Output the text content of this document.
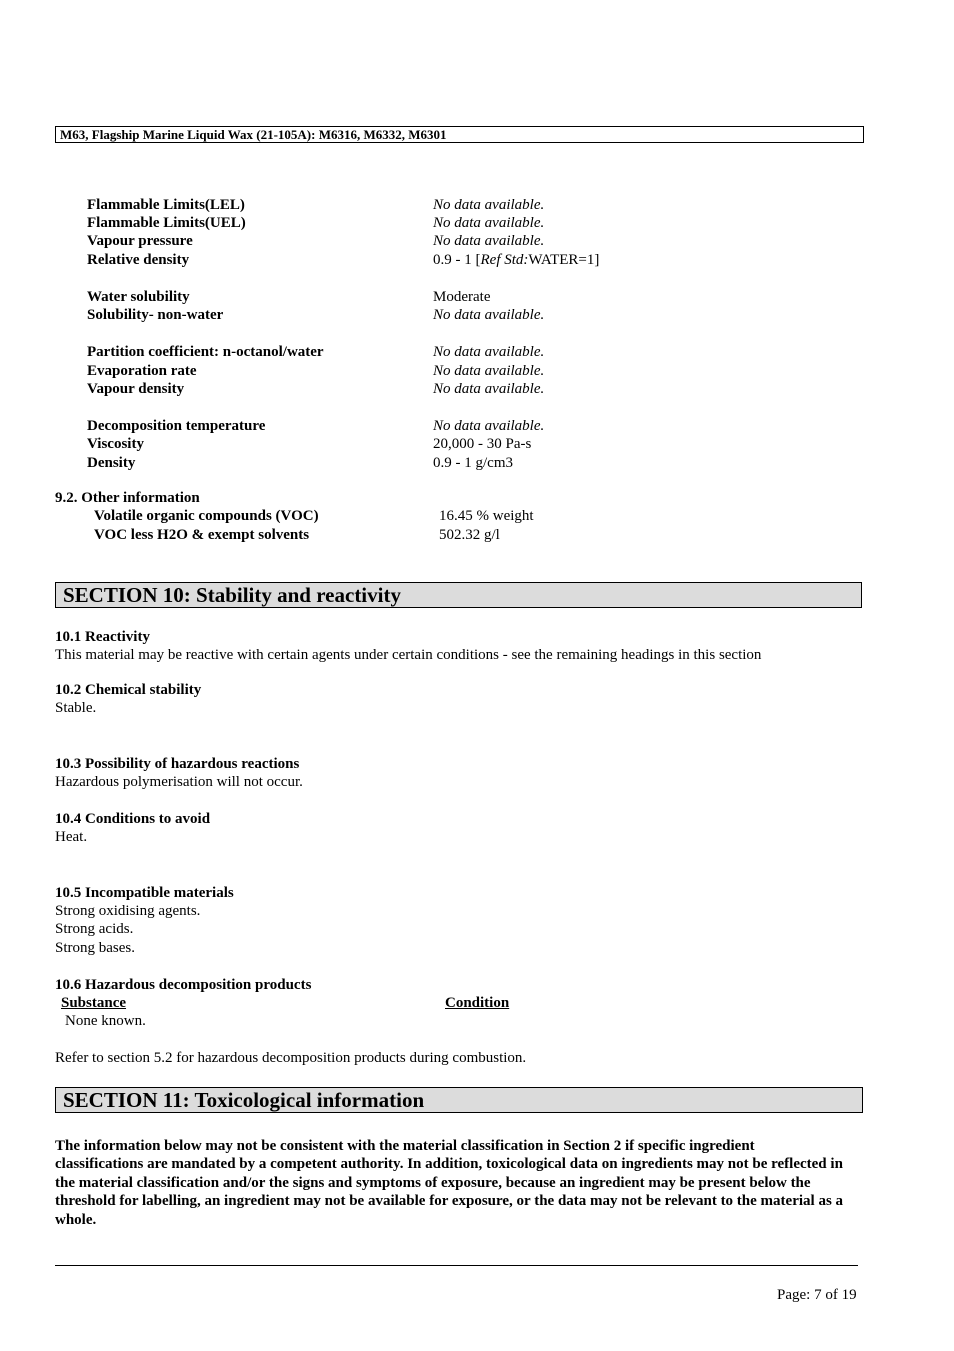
M63, Flagship Marine Liquid Wax (21-105A): M6316, M6332, M6301
Flammable Limits(LEL)	No data available.
Flammable Limits(UEL)	No data available.
Vapour pressure	No data available.
Relative density	0.9 - 1 [Ref Std:WATER=1]
Water solubility	Moderate
Solubility- non-water	No data available.
Partition coefficient: n-octanol/water	No data available.
Evaporation rate	No data available.
Vapour density	No data available.
Decomposition temperature	No data available.
Viscosity	20,000 - 30 Pa-s
Density	0.9 - 1 g/cm3
9.2. Other information
Volatile organic compounds (VOC)	16.45 % weight
VOC less H2O & exempt solvents	502.32 g/l
SECTION 10: Stability and reactivity
10.1 Reactivity
This material may be reactive with certain agents under certain conditions - see the remaining headings in this section
10.2 Chemical stability
Stable.
10.3 Possibility of hazardous reactions
Hazardous polymerisation will not occur.
10.4 Conditions to avoid
Heat.
10.5 Incompatible materials
Strong oxidising agents.
Strong acids.
Strong bases.
10.6 Hazardous decomposition products
Substance	Condition
None known.
Refer to section 5.2 for hazardous decomposition products during combustion.
SECTION 11: Toxicological information
The information below may not be consistent with the material classification in Section 2 if specific ingredient classifications are mandated by a competent authority. In addition, toxicological data on ingredients may not be reflected in the material classification and/or the signs and symptoms of exposure, because an ingredient may be present below the threshold for labelling, an ingredient may not be available for exposure, or the data may not be relevant to the material as a whole.
Page: 7 of 19
